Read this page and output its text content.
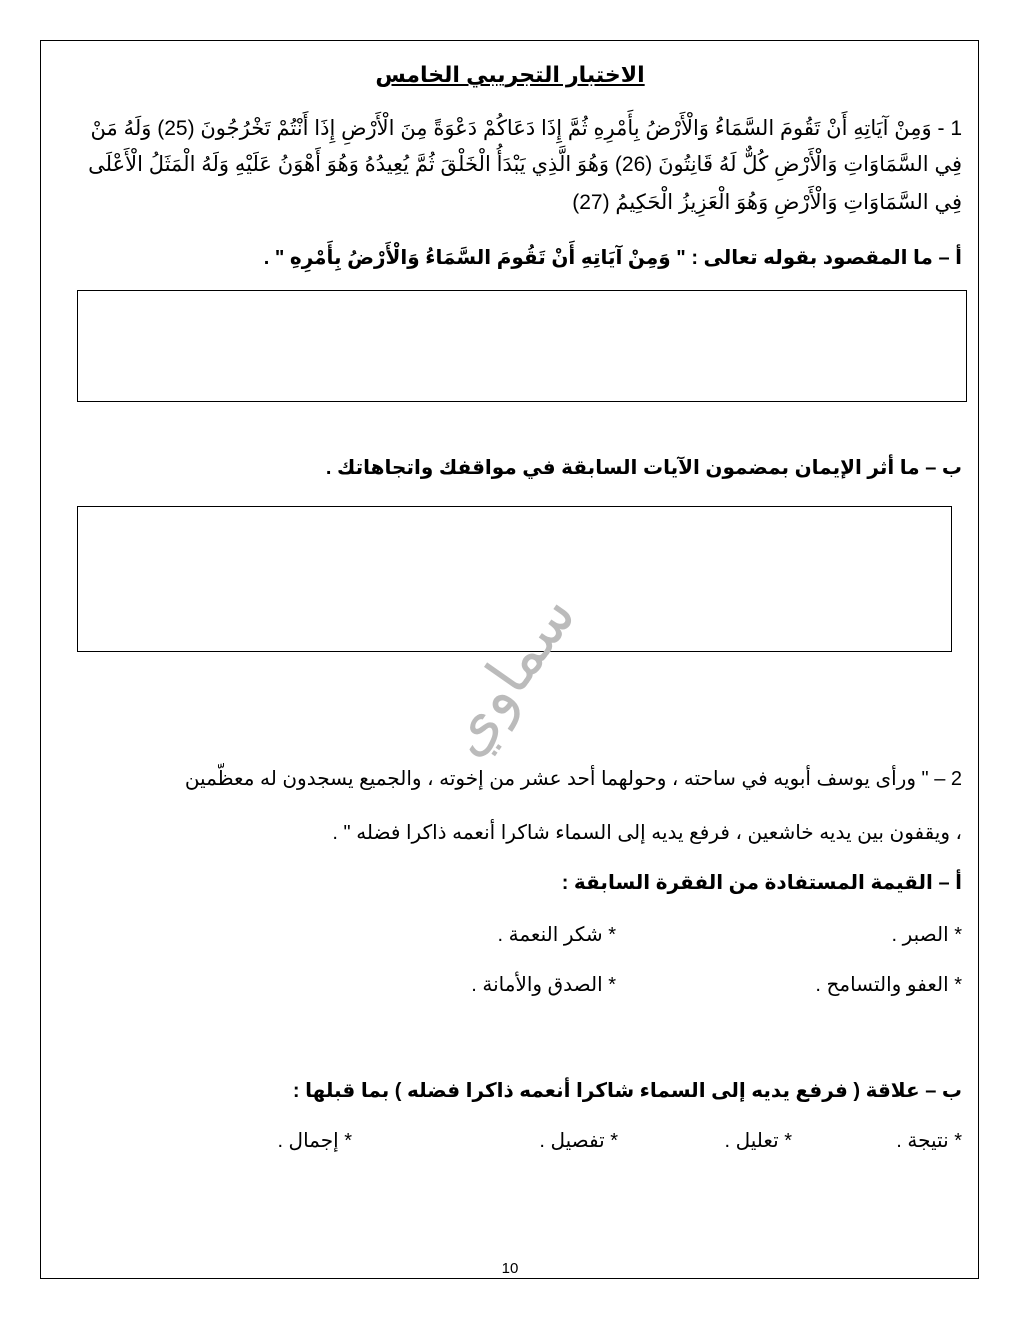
الاختبار التجريبي الخامس
1 - وَمِنْ آيَاتِهِ أَنْ تَقُومَ السَّمَاءُ وَالْأَرْضُ بِأَمْرِهِ ثُمَّ إِذَا دَعَاكُمْ دَعْوَةً مِنَ الْأَرْضِ إِذَا أَنْتُمْ تَخْرُجُونَ (25) وَلَهُ مَنْ
فِي السَّمَاوَاتِ وَالْأَرْضِ كُلٌّ لَهُ قَانِتُونَ (26) وَهُوَ الَّذِي يَبْدَأُ الْخَلْقَ ثُمَّ يُعِيدُهُ وَهُوَ أَهْوَنُ عَلَيْهِ وَلَهُ الْمَثَلُ الْأَعْلَى
فِي السَّمَاوَاتِ وَالْأَرْضِ وَهُوَ الْعَزِيزُ الْحَكِيمُ (27)
أ – ما المقصود بقوله تعالى : " وَمِنْ آيَاتِهِ أَنْ تَقُومَ السَّمَاءُ وَالْأَرْضُ بِأَمْرِهِ " .
ب – ما أثر الإيمان بمضمون الآيات السابقة في مواقفك واتجاهاتك .
سماوي
2 – " ورأى يوسف أبويه في ساحته ، وحولهما أحد عشر من إخوته ، والجميع يسجدون له معظّمين
، ويقفون بين يديه خاشعين ، فرفع يديه إلى السماء شاكرا أنعمه ذاكرا فضله " .
أ – القيمة المستفادة من الفقرة السابقة :
* الصبر .
* شكر النعمة .
* العفو والتسامح .
* الصدق والأمانة .
ب – علاقة ( فرفع يديه إلى السماء شاكرا أنعمه ذاكرا فضله ) بما قبلها :
* نتيجة .
* تعليل .
* تفصيل .
* إجمال .
10
